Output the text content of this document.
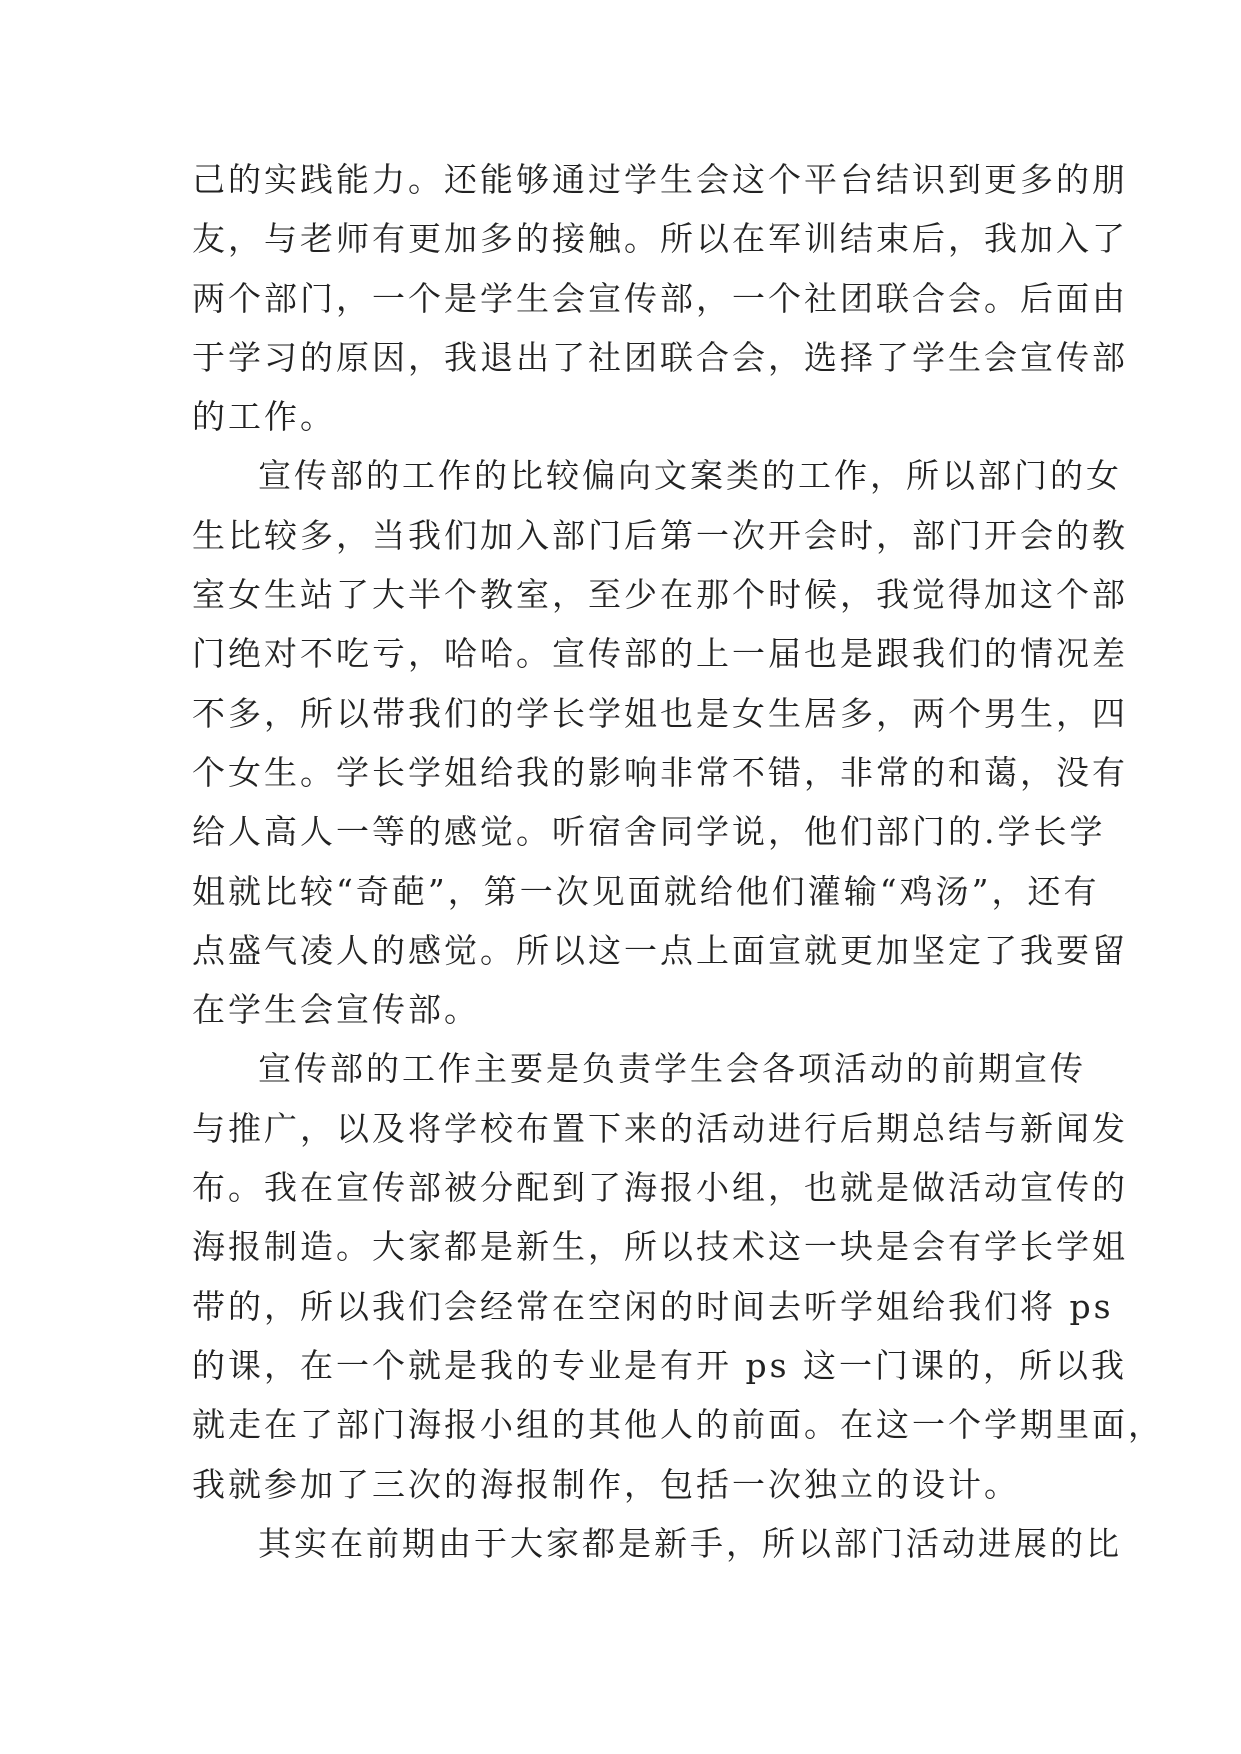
己的实践能力。还能够通过学生会这个平台结识到更多的朋
友，与老师有更加多的接触。所以在军训结束后，我加入了
两个部门，一个是学生会宣传部，一个社团联合会。后面由
于学习的原因，我退出了社团联合会，选择了学生会宣传部
的工作。
宣传部的工作的比较偏向文案类的工作，所以部门的女
生比较多，当我们加入部门后第一次开会时，部门开会的教
室女生站了大半个教室，至少在那个时候，我觉得加这个部
门绝对不吃亏，哈哈。宣传部的上一届也是跟我们的情况差
不多，所以带我们的学长学姐也是女生居多，两个男生，四
个女生。学长学姐给我的影响非常不错，非常的和蔼，没有
给人高人一等的感觉。听宿舍同学说，他们部门的.学长学
姐就比较“奇葩”，第一次见面就给他们灌输“鸡汤”，还有
点盛气凌人的感觉。所以这一点上面宣就更加坚定了我要留
在学生会宣传部。
宣传部的工作主要是负责学生会各项活动的前期宣传
与推广，以及将学校布置下来的活动进行后期总结与新闻发
布。我在宣传部被分配到了海报小组，也就是做活动宣传的
海报制造。大家都是新生，所以技术这一块是会有学长学姐
带的，所以我们会经常在空闲的时间去听学姐给我们将 ps
的课，在一个就是我的专业是有开 ps 这一门课的，所以我
就走在了部门海报小组的其他人的前面。在这一个学期里面，
我就参加了三次的海报制作，包括一次独立的设计。
其实在前期由于大家都是新手，所以部门活动进展的比
